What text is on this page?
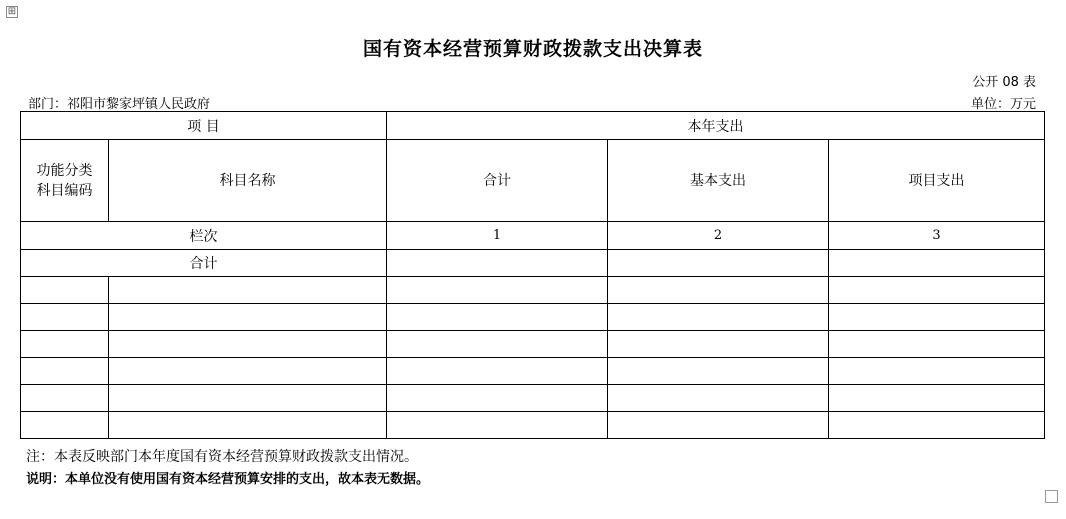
⊞
国有资本经营预算财政拨款支出决算表
公开 08 表
部门：祁阳市黎家坪镇人民政府	单位：万元
项 目		本年支出		

功能分类
科目编码	科目名称	合计	基本支出	项目支出
栏次		1	2	3
合计				

注：本表反映部门本年度国有资本经营预算财政拨款支出情况。
说明：本单位没有使用国有资本经营预算安排的支出，故本表无数据。
